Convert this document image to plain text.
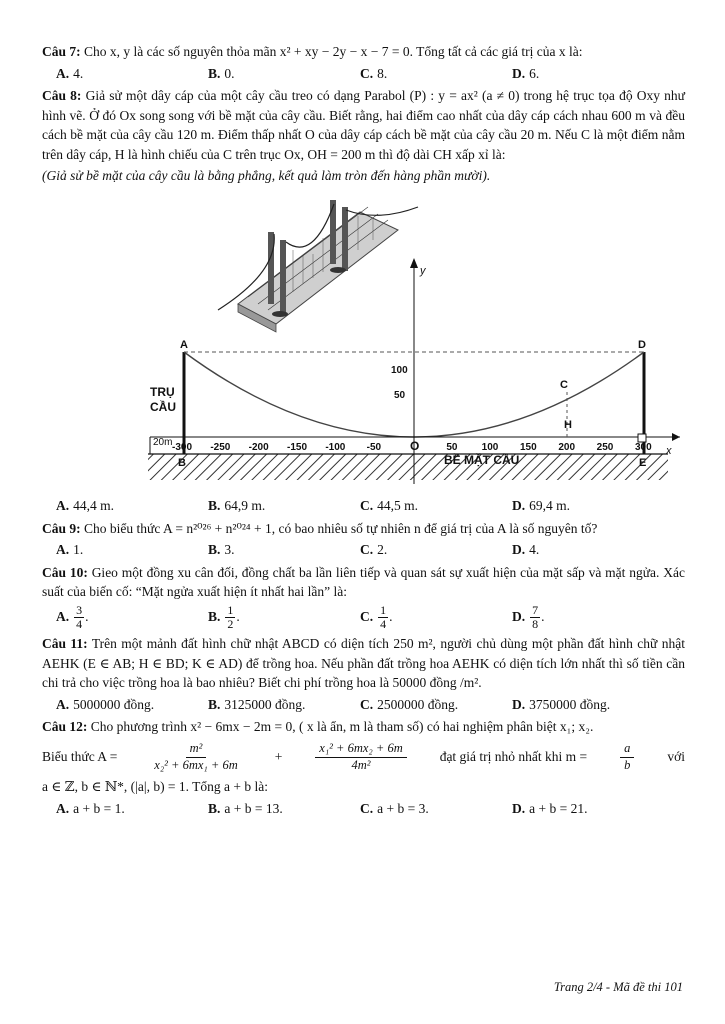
Câu 7: Cho x, y là các số nguyên thỏa mãn x² + xy − 2y − x − 7 = 0. Tổng tất cả các giá trị của x là:
A. 4.	B. 0.	C. 8.	D. 6.
Câu 8: Giả sử một dây cáp của một cây cầu treo có dạng Parabol (P) : y = ax² (a ≠ 0) trong hệ trục tọa độ Oxy như hình vẽ. Ở đó Ox song song với bề mặt của cây cầu. Biết rằng, hai điểm cao nhất của dây cáp cách nhau 600 m và đều cách bề mặt của cây cầu 120 m. Điểm thấp nhất O của dây cáp cách bề mặt của cây cầu 20 m. Nếu C là một điểm nằm trên dây cáp, H là hình chiếu của C trên trục Ox, OH = 200 m thì độ dài CH xấp xỉ là:
(Giả sử bề mặt của cây cầu là bằng phẳng, kết quả làm tròn đến hàng phần mười).
y
x
A	D
C
H
O
B	E
TRỤ
CẦU
BỀ MẶT CẦU
100
50
20m -300 -250 -200 -150 -100 -50	50 100 150 200 250 300
A. 44,4 m.	B. 64,9 m.	C. 44,5 m.	D. 69,4 m.
Câu 9: Cho biểu thức A = n²⁰²⁶ + n²⁰²⁴ + 1, có bao nhiêu số tự nhiên n để giá trị của A là số nguyên tố?
A. 1.	B. 3.	C. 2.	D. 4.
Câu 10: Gieo một đồng xu cân đối, đồng chất ba lần liên tiếp và quan sát sự xuất hiện của mặt sấp và mặt ngửa. Xác suất của biến cố: “Mặt ngửa xuất hiện ít nhất hai lần” là:
A. $\frac{3}{4}$ .	B. $\frac{1}{2}$ .	C. $\frac{1}{4}$ .	D. $\frac{7}{8}$ .
Câu 11: Trên một mảnh đất hình chữ nhật ABCD có diện tích 250 m², người chủ dùng một phần đất hình chữ nhật AEHK (E ∈ AB; H ∈ BD; K ∈ AD) để trồng hoa. Nếu phần đất trồng hoa AEHK có diện tích lớn nhất thì số tiền cần chi trả cho việc trồng hoa là bao nhiêu? Biết chi phí trồng hoa là 50000 đồng /m².
A. 5000000 đồng.	B. 3125000 đồng.	C. 2500000 đồng.	D. 3750000 đồng.
Câu 12: Cho phương trình x² − 6mx − 2m = 0, ( x là ẩn, m là tham số) có hai nghiệm phân biệt x₁; x₂.
Biểu thức A =	$\frac{\text{m²}}{\text{x₂² + 6mx₁ + 6m}}$ +	$\frac{\text{x₁² + 6mx₂ + 6m}}{\text{4m²}}$ đạt giá trị nhỏ nhất khi m =	$\frac{a}{b}$ với
a ∈ ℤ, b ∈ ℕ*, (|a|, b) = 1. Tổng a + b là:
A. a + b = 1.	B. a + b = 13.	C. a + b = 3.	D. a + b = 21.
Trang 2/4 - Mã đề thi 101
